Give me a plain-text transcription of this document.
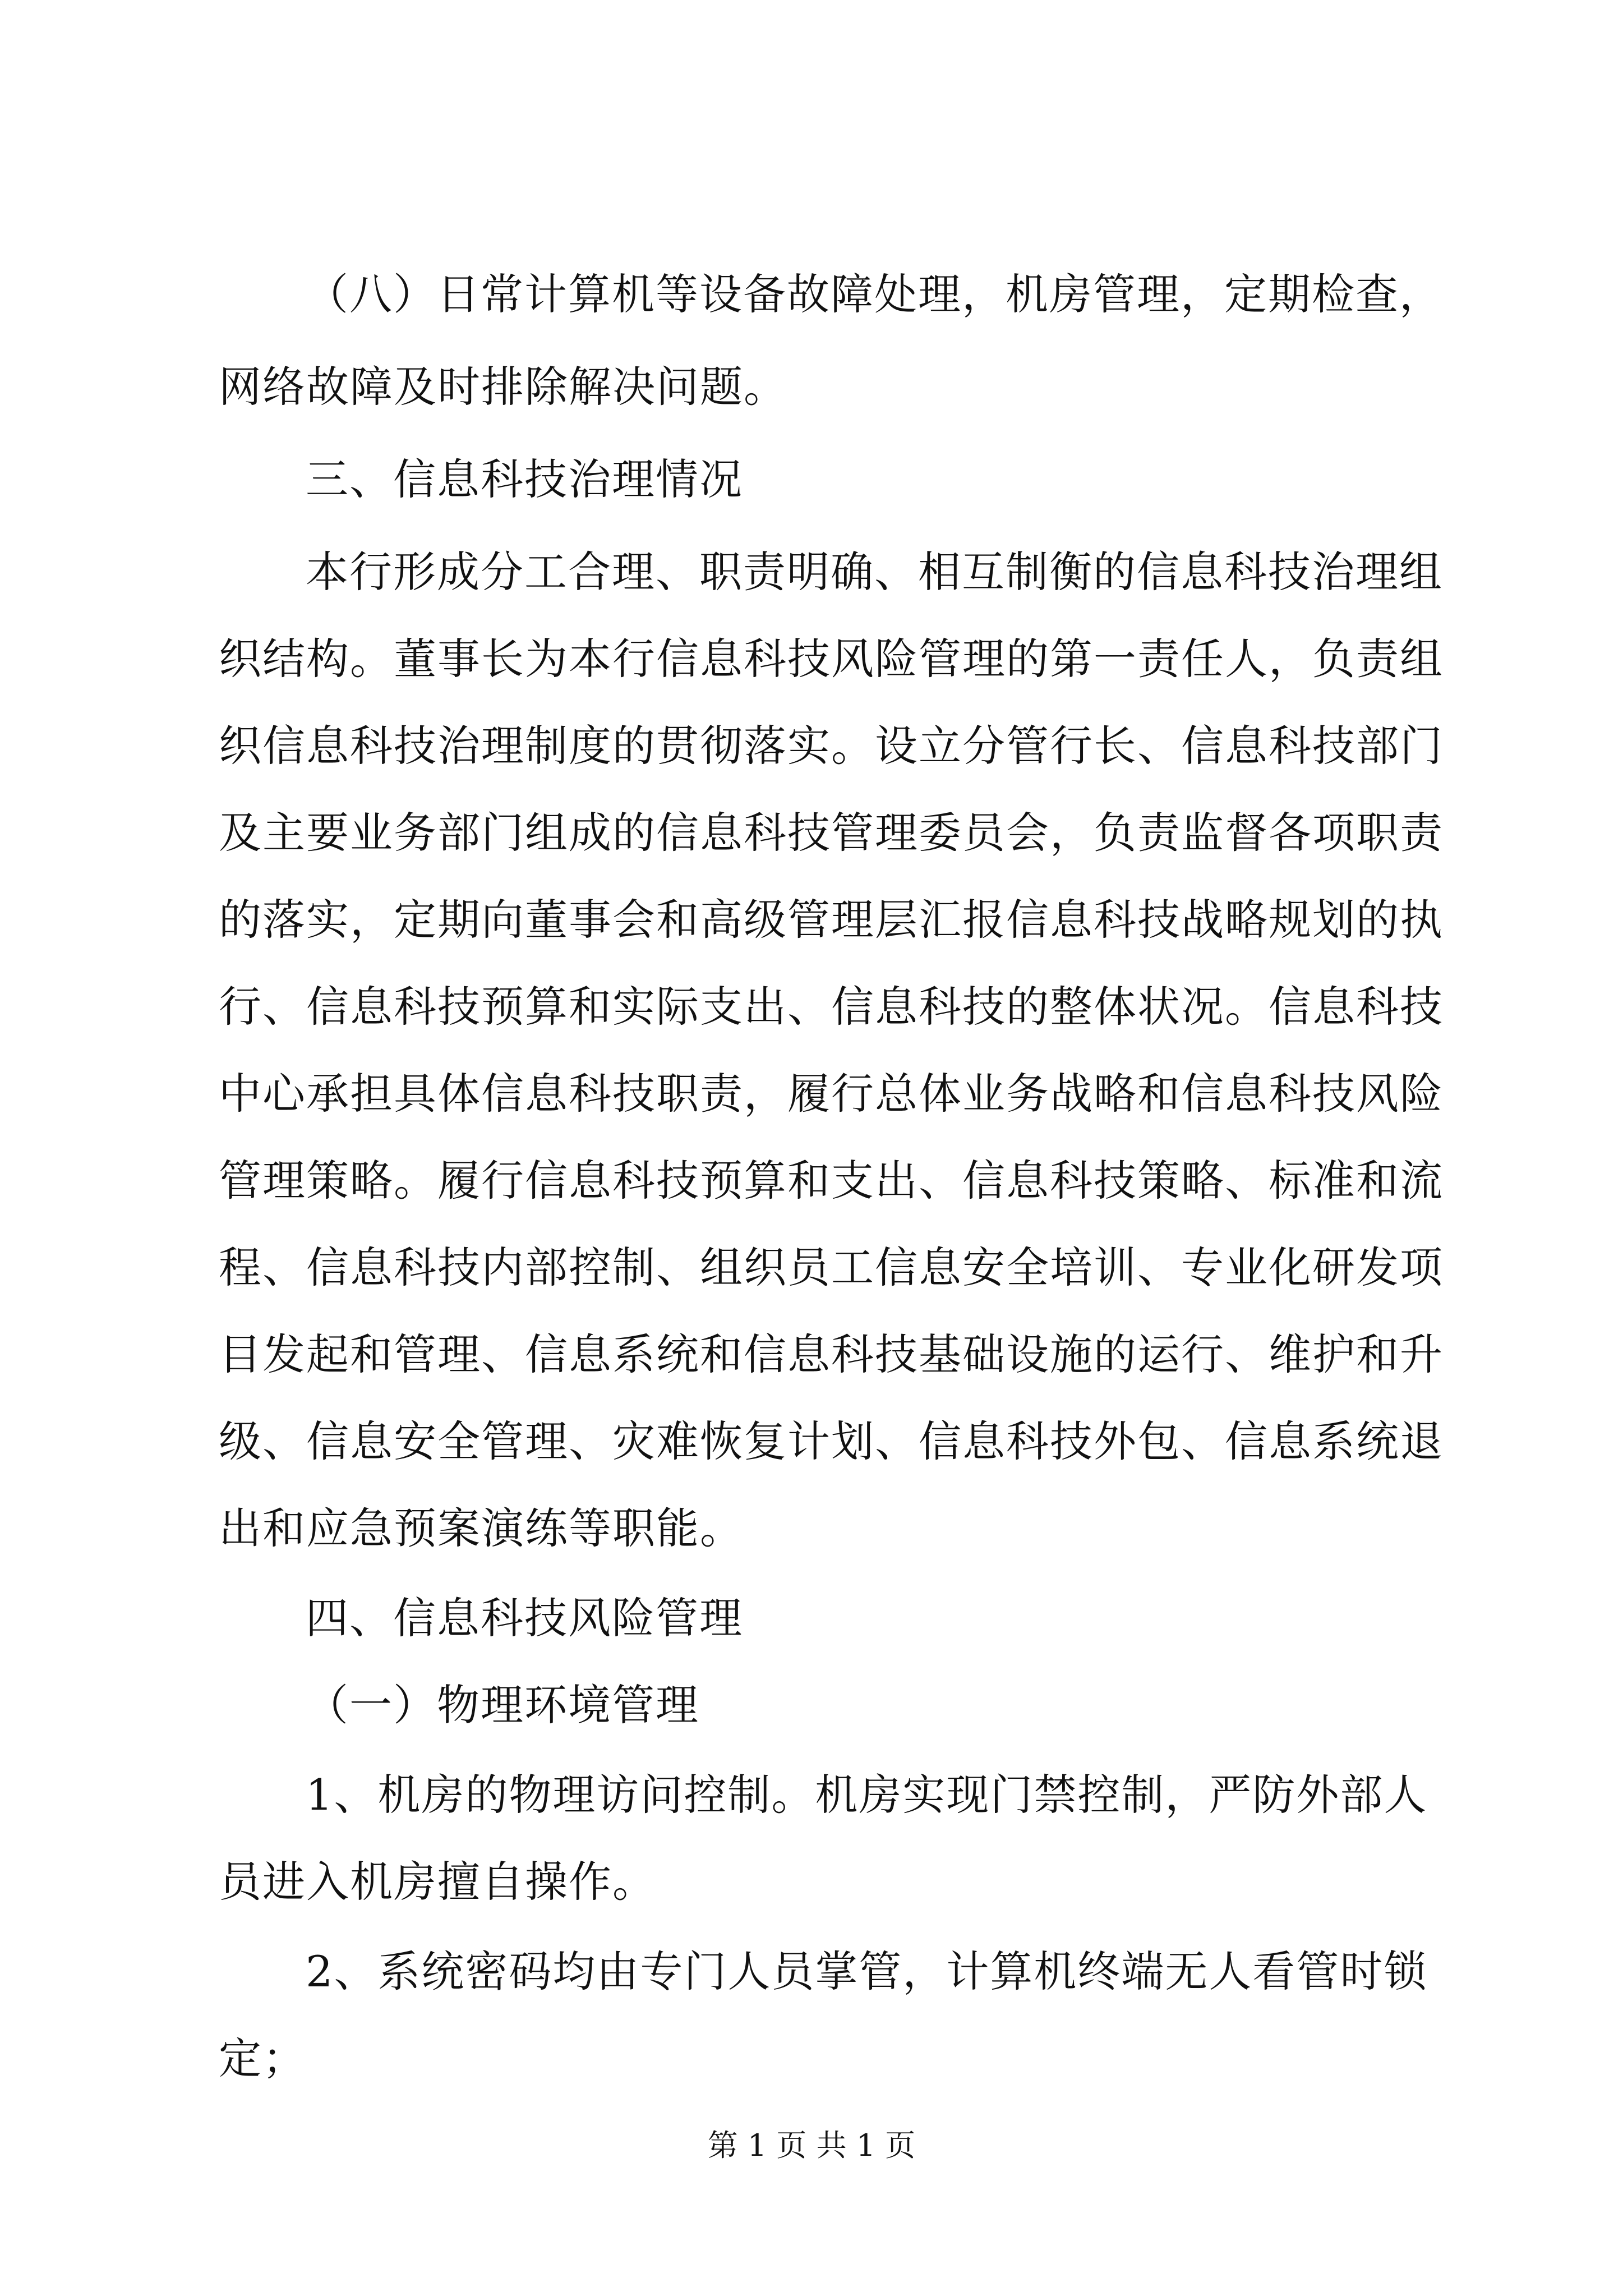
（八）日常计算机等设备故障处理，机房管理，定期检查，
网络故障及时排除解决问题。
三、信息科技治理情况
本行形成分工合理、职责明确、相互制衡的信息科技治理组
织结构。董事长为本行信息科技风险管理的第一责任人，负责组
织信息科技治理制度的贯彻落实。设立分管行长、信息科技部门
及主要业务部门组成的信息科技管理委员会，负责监督各项职责
的落实，定期向董事会和高级管理层汇报信息科技战略规划的执
行、信息科技预算和实际支出、信息科技的整体状况。信息科技
中心承担具体信息科技职责，履行总体业务战略和信息科技风险
管理策略。履行信息科技预算和支出、信息科技策略、标准和流
程、信息科技内部控制、组织员工信息安全培训、专业化研发项
目发起和管理、信息系统和信息科技基础设施的运行、维护和升
级、信息安全管理、灾难恢复计划、信息科技外包、信息系统退
出和应急预案演练等职能。
四、信息科技风险管理
（一）物理环境管理
1、机房的物理访问控制。机房实现门禁控制，严防外部人
员进入机房擅自操作。
2、系统密码均由专门人员掌管，计算机终端无人看管时锁
定；
第 1 页 共 1 页
